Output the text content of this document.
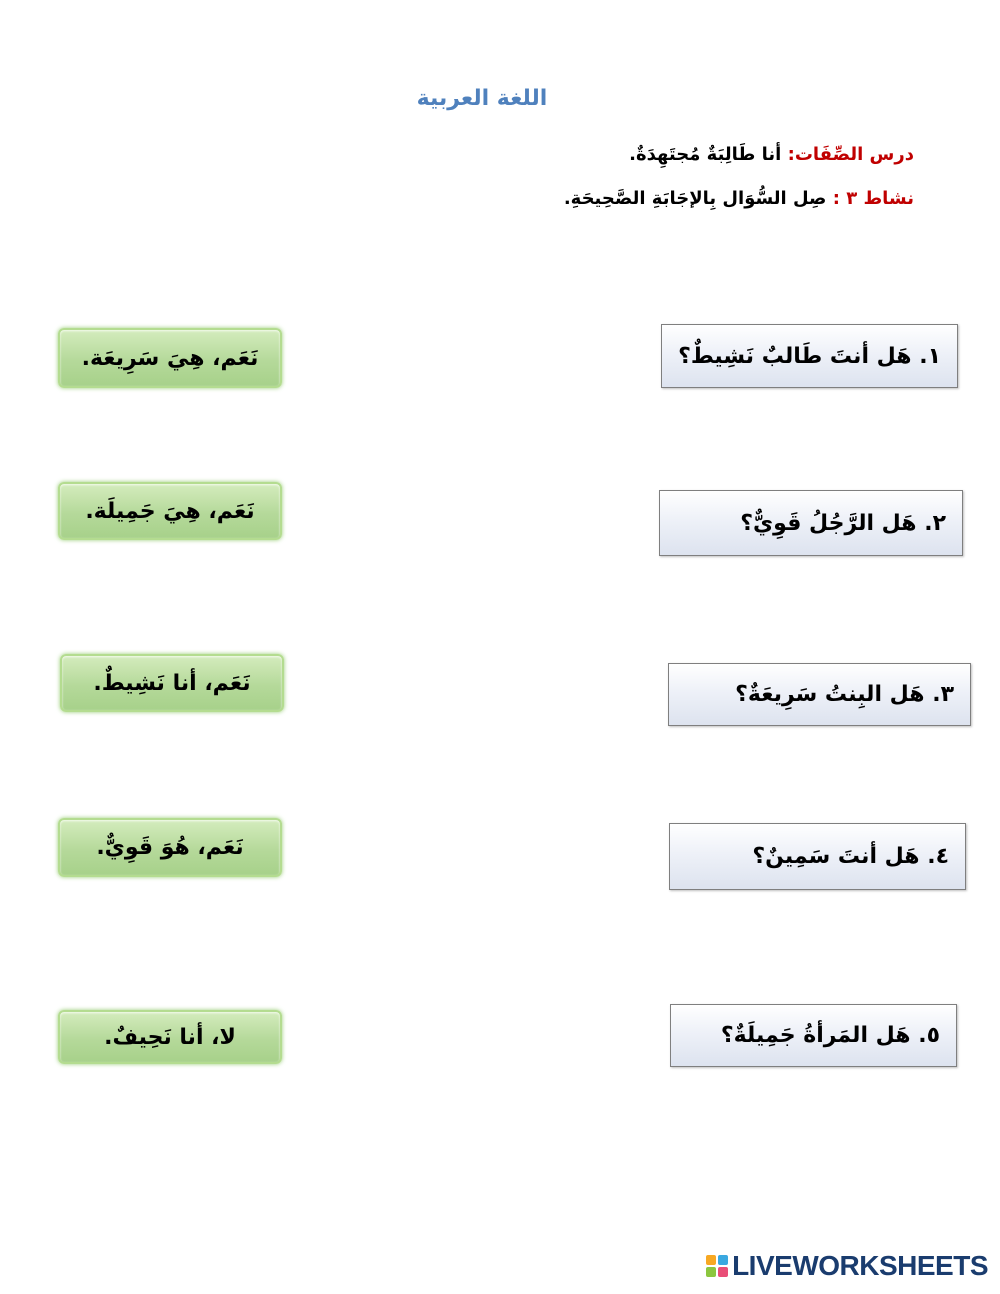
اللغة العربية
درس الصِّفَات: أنا طَالِبَةٌ مُجتَهِدَةٌ.
نشاط ٣ : صِل السُّوَال بِالإجَابَةِ الصَّحِيحَةِ.
١. هَل أنتَ طَالبٌ نَشِيطٌ؟
٢. هَل الرَّجُلُ قَوِيٌّ؟
٣. هَل البِنتُ سَرِيعَةٌ؟
٤. هَل أنتَ سَمِينٌ؟
٥. هَل المَرأةُ جَمِيلَةٌ؟
نَعَم، هِيَ سَرِيعَة.
نَعَم، هِيَ جَمِيلَة.
نَعَم، أنا نَشِيطٌ.
نَعَم، هُوَ قَوِيٌّ.
لا، أنا نَحِيفٌ.
LIVEWORKSHEETS
